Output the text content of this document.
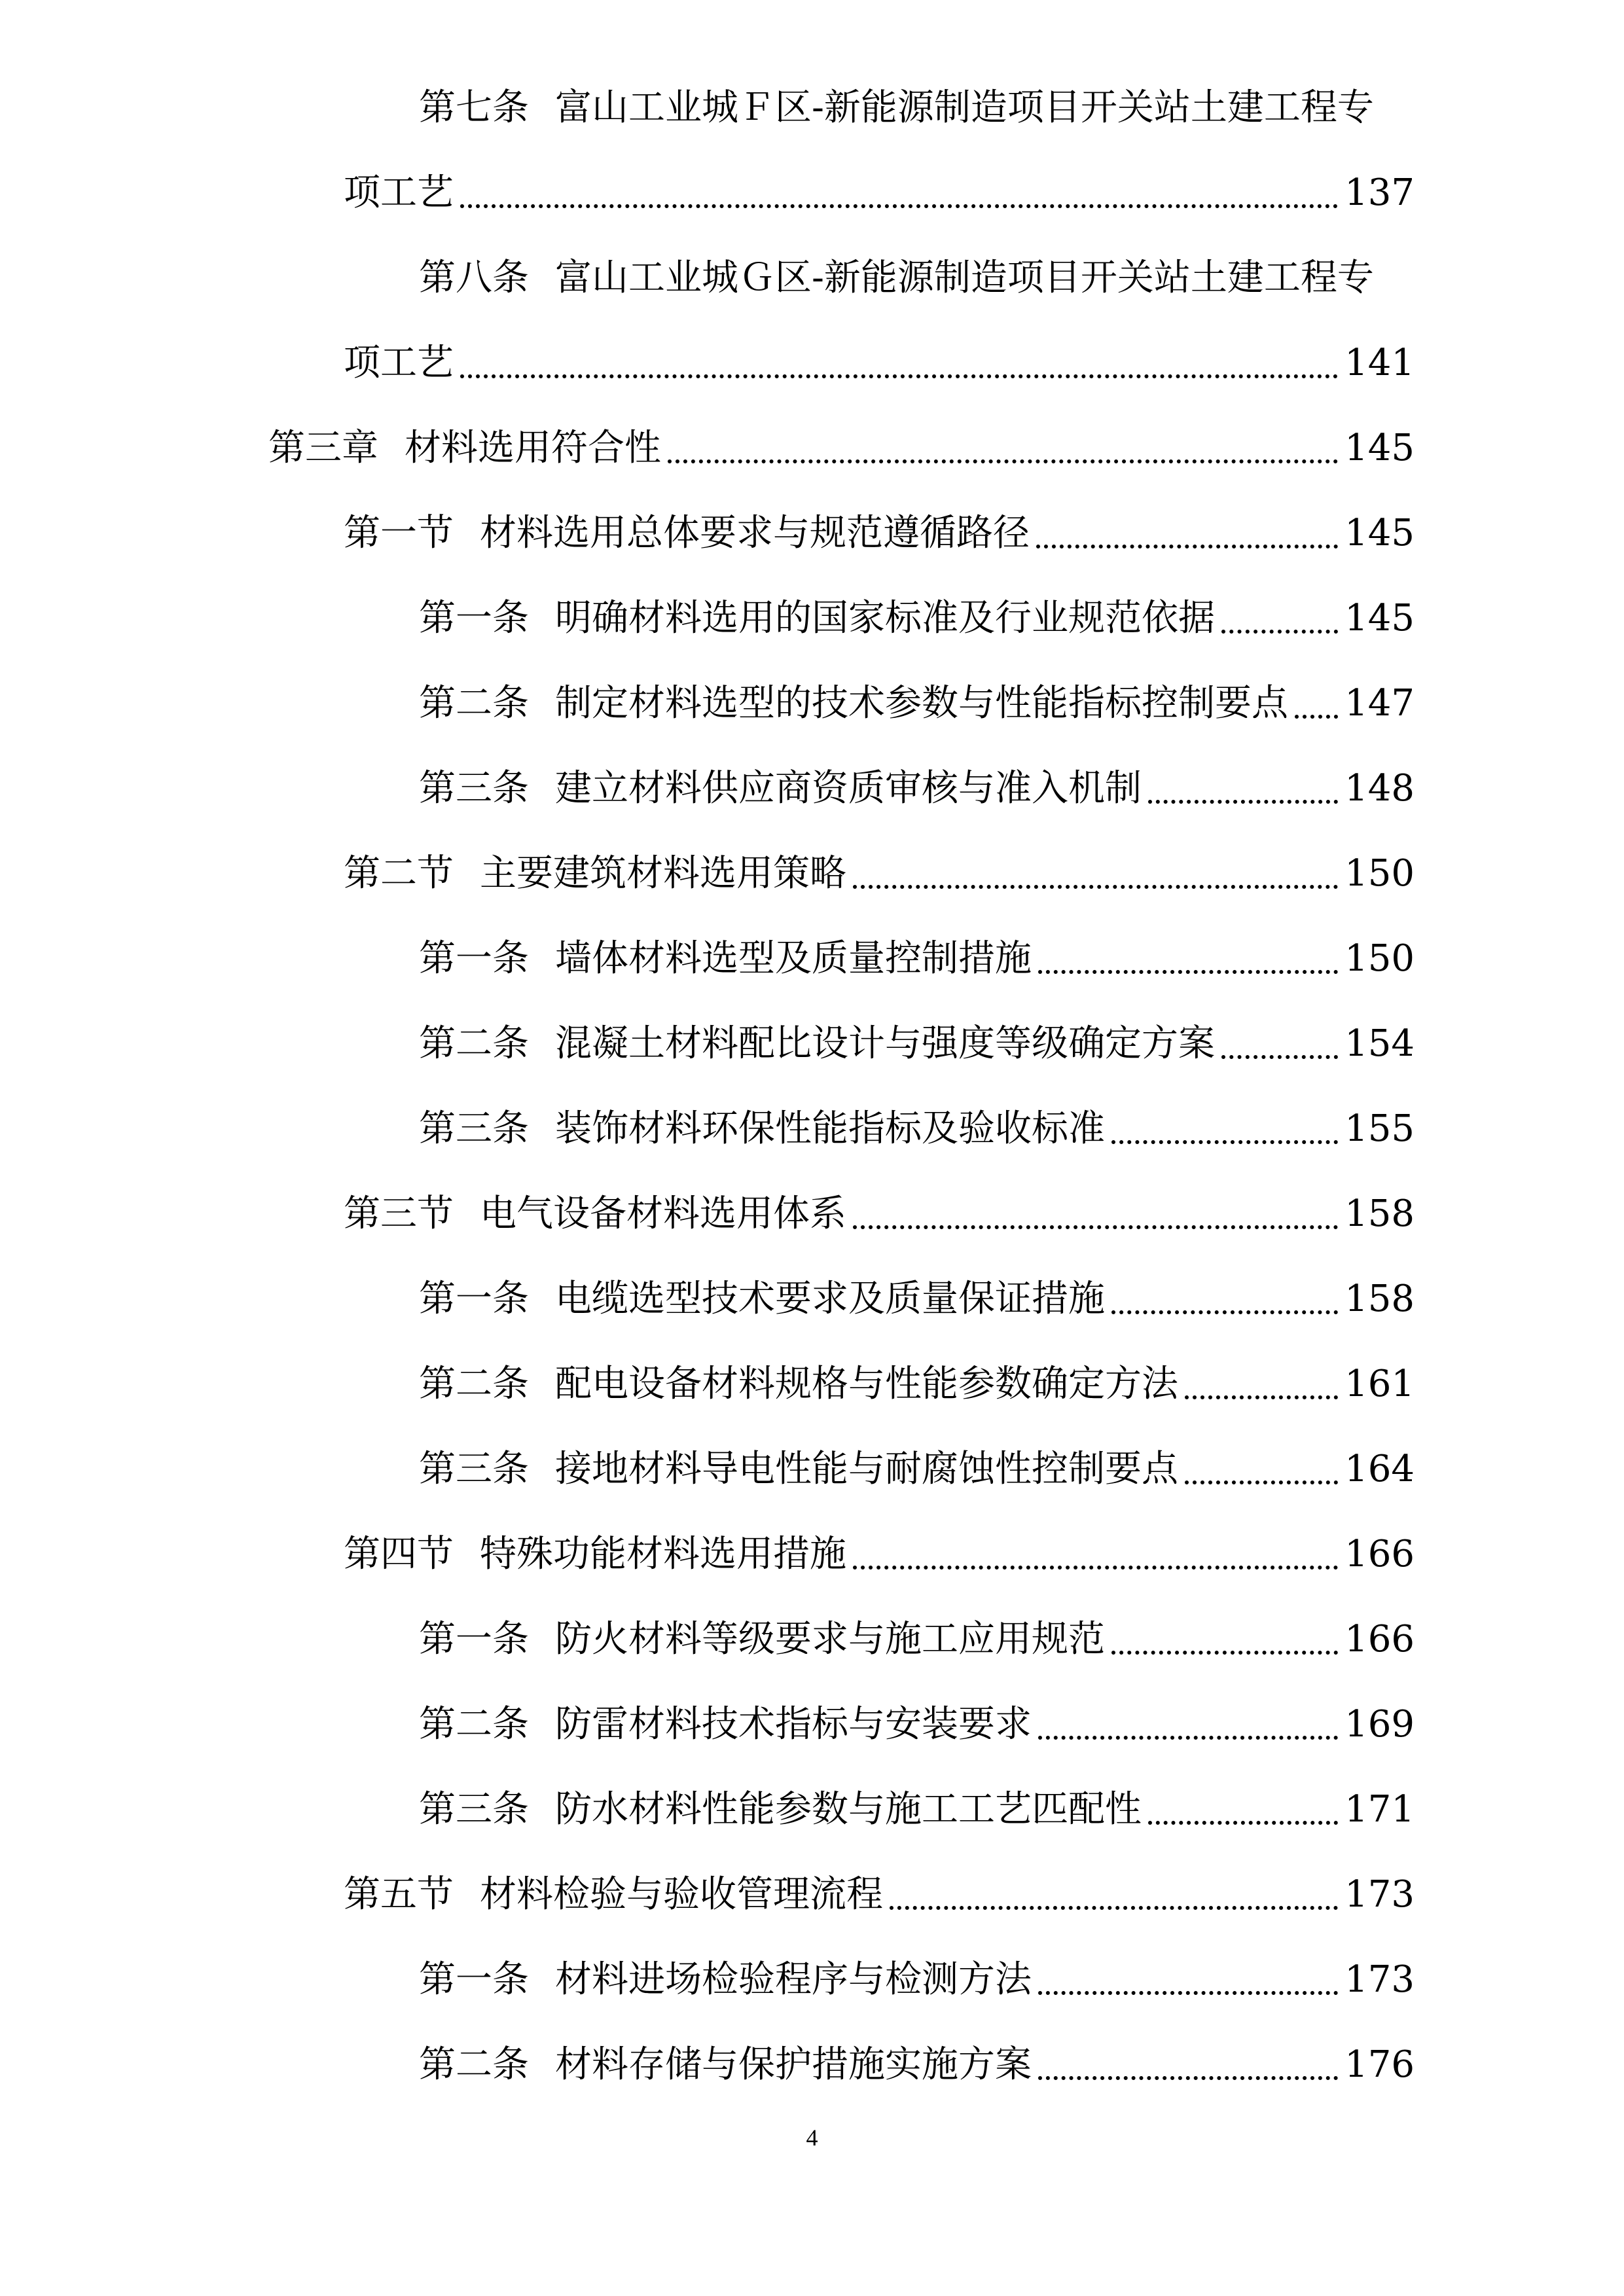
第七条 富山工业城Ｆ区-新能源制造项目开关站土建工程专
项工艺	137
第八条 富山工业城Ｇ区-新能源制造项目开关站土建工程专
项工艺	141
第三章 材料选用符合性	145
第一节 材料选用总体要求与规范遵循路径	145
第一条 明确材料选用的国家标准及行业规范依据	145
第二条 制定材料选型的技术参数与性能指标控制要点 147
第三条 建立材料供应商资质审核与准入机制	148
第二节 主要建筑材料选用策略	150
第一条 墙体材料选型及质量控制措施	150
第二条 混凝土材料配比设计与强度等级确定方案	154
第三条 装饰材料环保性能指标及验收标准	155
第三节 电气设备材料选用体系	158
第一条 电缆选型技术要求及质量保证措施	158
第二条 配电设备材料规格与性能参数确定方法	161
第三条 接地材料导电性能与耐腐蚀性控制要点	164
第四节 特殊功能材料选用措施	166
第一条 防火材料等级要求与施工应用规范	166
第二条 防雷材料技术指标与安装要求	169
第三条 防水材料性能参数与施工工艺匹配性	171
第五节 材料检验与验收管理流程	173
第一条 材料进场检验程序与检测方法	173
第二条 材料存储与保护措施实施方案	176
4
